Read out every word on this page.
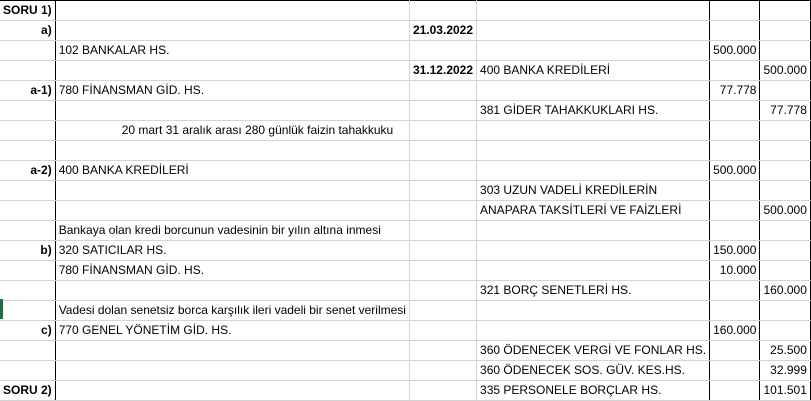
SORU 1)					
a)		21.03.2022			
	102 BANKALAR HS.			500.000	
		31.12.2022	400 BANKA KREDİLERİ		500.000
a-1)	780 FİNANSMAN GİD. HS.			77.778	
			381 GİDER TAHAKKUKLARI HS.		77.778
	20 mart 31 aralık arası 280 günlük faizin tahakkuku				

a-2)	400 BANKA KREDİLERİ			500.000	
			303 UZUN VADELİ KREDİLERİN		
			ANAPARA TAKSİTLERİ VE FAİZLERİ		500.000
	Bankaya olan kredi borcunun vadesinin bir yılın altına inmesi				
b)	320 SATICILAR HS.			150.000	
	780 FİNANSMAN GİD. HS.			10.000	
			321 BORÇ SENETLERİ HS.		160.000
	Vadesi dolan senetsiz borca karşılık ileri vadeli bir senet verilmesi				
c)	770 GENEL YÖNETİM GİD. HS.			160.000	
			360 ÖDENECEK VERGİ VE FONLAR HS.		25.500
			360 ÖDENECEK SOS. GÜV. KES.HS.		32.999
SORU 2)			335 PERSONELE BORÇLAR HS.		101.501
